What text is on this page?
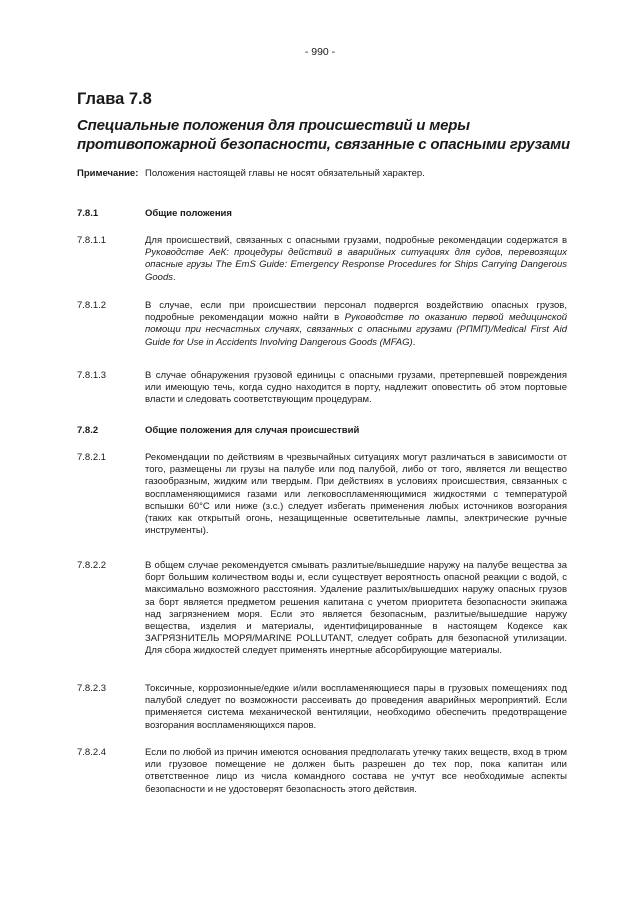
- 990 -
Глава 7.8
Специальные положения для происшествий и меры
противопожарной безопасности, связанные с опасными грузами
Примечание: Положения настоящей главы не носят обязательный характер.
7.8.1	Общие положения
7.8.1.1	Для происшествий, связанных с опасными грузами, подробные рекомендации содержатся в Руководстве АеК: процедуры действий в аварийных ситуациях для судов, перевозящих опасные грузы The EmS Guide: Emergency Response Procedures for Ships Carrying Dangerous Goods.
7.8.1.2	В случае, если при происшествии персонал подвергся воздействию опасных грузов, подробные рекомендации можно найти в Руководстве по оказанию первой медицинской помощи при несчастных случаях, связанных с опасными грузами (РПМП)/Medical First Aid Guide for Use in Accidents Involving Dangerous Goods (MFAG).
7.8.1.3	В случае обнаружения грузовой единицы с опасными грузами, претерпевшей повреждения или имеющую течь, когда судно находится в порту, надлежит оповестить об этом портовые власти и следовать соответствующим процедурам.
7.8.2	Общие положения для случая происшествий
7.8.2.1	Рекомендации по действиям в чрезвычайных ситуациях могут различаться в зависимости от того, размещены ли грузы на палубе или под палубой, либо от того, является ли вещество газообразным, жидким или твердым. При действиях в условиях происшествия, связанных с воспламеняющимися газами или легковоспламеняющимися жидкостями с температурой вспышки 60°С или ниже (з.с.) следует избегать применения любых источников возгорания (таких как открытый огонь, незащищенные осветительные лампы, электрические ручные инструменты).
7.8.2.2	В общем случае рекомендуется смывать разлитые/вышедшие наружу на палубе вещества за борт большим количеством воды и, если существует вероятность опасной реакции с водой, с максимально возможного расстояния. Удаление разлитых/вышедших наружу опасных грузов за борт является предметом решения капитана с учетом приоритета безопасности экипажа над загрязнением моря. Если это является безопасным, разлитые/вышедшие наружу вещества, изделия и материалы, идентифицированные в настоящем Кодексе как ЗАГРЯЗНИТЕЛЬ МОРЯ/MARINE POLLUTANT, следует собрать для безопасной утилизации. Для сбора жидкостей следует применять инертные абсорбирующие материалы.
7.8.2.3	Токсичные, коррозионные/едкие и/или воспламеняющиеся пары в грузовых помещениях под палубой следует по возможности рассеивать до проведения аварийных мероприятий. Если применяется система механической вентиляции, необходимо обеспечить предотвращение возгорания воспламеняющихся паров.
7.8.2.4	Если по любой из причин имеются основания предполагать утечку таких веществ, вход в трюм или грузовое помещение не должен быть разрешен до тех пор, пока капитан или ответственное лицо из числа командного состава не учтут все необходимые аспекты безопасности и не удостоверят безопасность этого действия.
